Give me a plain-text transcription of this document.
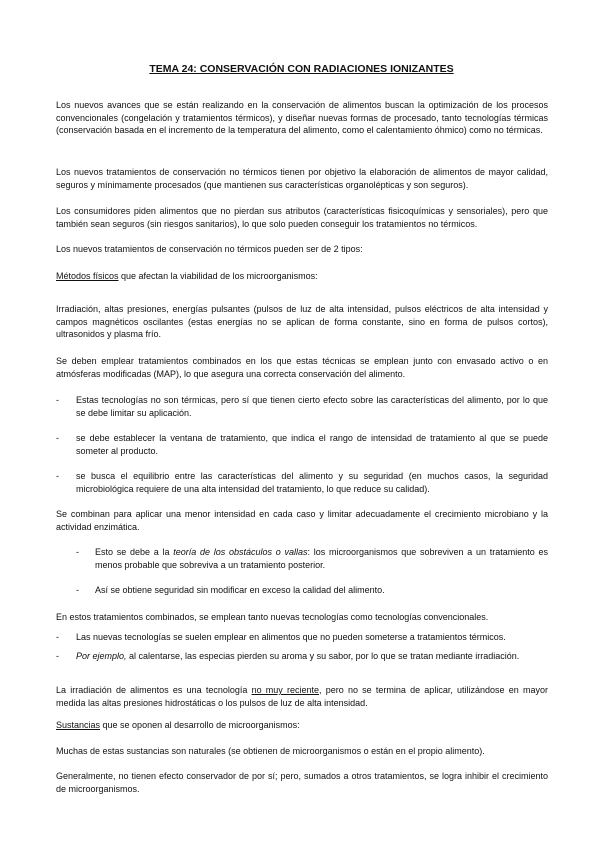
TEMA 24: CONSERVACIÓN CON RADIACIONES IONIZANTES

Los nuevos avances que se están realizando en la conservación de alimentos buscan la optimización de los procesos convencionales (congelación y tratamientos térmicos), y diseñar nuevas formas de procesado, tanto tecnologías térmicas (conservación basada en el incremento de la temperatura del alimento, como el calentamiento óhmico) como no térmicas.

Los nuevos tratamientos de conservación no térmicos tienen por objetivo la elaboración de alimentos de mayor calidad, seguros y mínimamente procesados (que mantienen sus características organolépticas y son seguros).

Los consumidores piden alimentos que no pierdan sus atributos (características fisicoquímicas y sensoriales), pero que también sean seguros (sin riesgos sanitarios), lo que solo pueden conseguir los tratamientos no térmicos.

Los nuevos tratamientos de conservación no térmicos pueden ser de 2 tipos:

Métodos físicos que afectan la viabilidad de los microorganismos:

Irradiación, altas presiones, energías pulsantes (pulsos de luz de alta intensidad, pulsos eléctricos de alta intensidad y campos magnéticos oscilantes (estas energías no se aplican de forma constante, sino en forma de pulsos cortos), ultrasonidos y plasma frío.

Se deben emplear tratamientos combinados en los que estas técnicas se emplean junto con envasado activo o en atmósferas modificadas (MAP), lo que asegura una correcta conservación del alimento.

- Estas tecnologías no son térmicas, pero sí que tienen cierto efecto sobre las características del alimento, por lo que se debe limitar su aplicación.

- se debe establecer la ventana de tratamiento, que indica el rango de intensidad de tratamiento al que se puede someter al producto.

- se busca el equilibrio entre las características del alimento y su seguridad (en muchos casos, la seguridad microbiológica requiere de una alta intensidad del tratamiento, lo que reduce su calidad).

Se combinan para aplicar una menor intensidad en cada caso y limitar adecuadamente el crecimiento microbiano y la actividad enzimática.

- Esto se debe a la teoría de los obstáculos o vallas: los microorganismos que sobreviven a un tratamiento es menos probable que sobreviva a un tratamiento posterior.

- Así se obtiene seguridad sin modificar en exceso la calidad del alimento.

En estos tratamientos combinados, se emplean tanto nuevas tecnologías como tecnologías convencionales.

- Las nuevas tecnologías se suelen emplear en alimentos que no pueden someterse a tratamientos térmicos.

- Por ejemplo, al calentarse, las especias pierden su aroma y su sabor, por lo que se tratan mediante irradiación.

La irradiación de alimentos es una tecnología no muy reciente, pero no se termina de aplicar, utilizándose en mayor medida las altas presiones hidrostáticas o los pulsos de luz de alta intensidad.

Sustancias que se oponen al desarrollo de microorganismos:

Muchas de estas sustancias son naturales (se obtienen de microorganismos o están en el propio alimento).

Generalmente, no tienen efecto conservador de por sí; pero, sumados a otros tratamientos, se logra inhibir el crecimiento de microorganismos.
